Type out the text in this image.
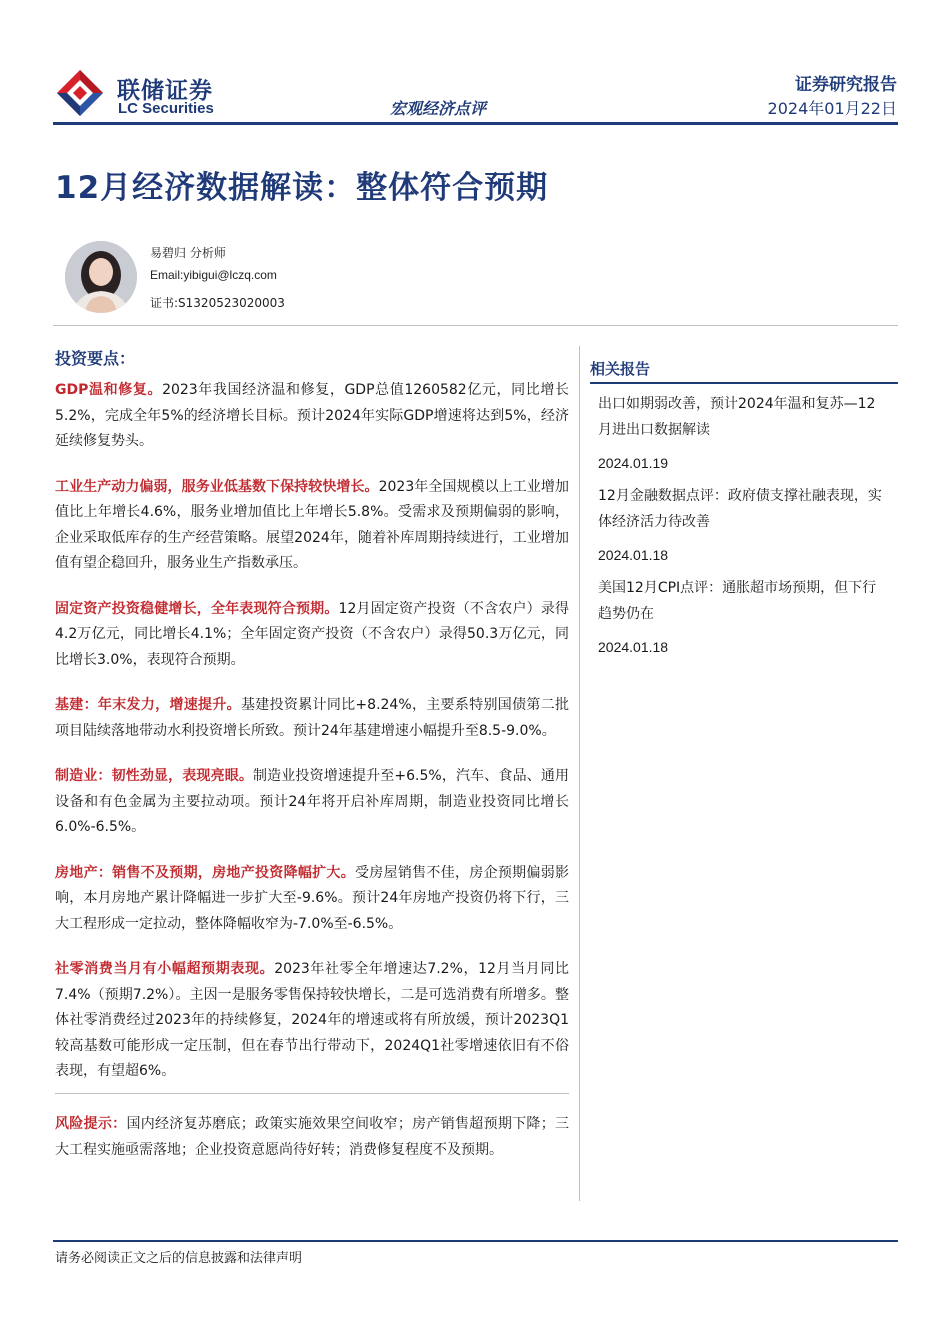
联储证券
LC Securities	宏观经济点评
证券研究报告
2024年01月22日
12月经济数据解读：整体符合预期
易碧归 分析师
Email:yibigui@lczq.com
证书:S1320523020003
投资要点：

GDP温和修复。2023年我国经济温和修复，GDP总值1260582亿元，同比增长5.2%，完成全年5%的经济增长目标。预计2024年实际GDP增速将达到5%，经济延续修复势头。

工业生产动力偏弱，服务业低基数下保持较快增长。2023年全国规模以上工业增加值比上年增长4.6%，服务业增加值比上年增长5.8%。受需求及预期偏弱的影响，企业采取低库存的生产经营策略。展望2024年，随着补库周期持续进行，工业增加值有望企稳回升，服务业生产指数承压。

固定资产投资稳健增长，全年表现符合预期。12月固定资产投资（不含农户）录得4.2万亿元，同比增长4.1%；全年固定资产投资（不含农户）录得50.3万亿元，同比增长3.0%，表现符合预期。

基建：年末发力，增速提升。基建投资累计同比+8.24%，主要系特别国债第二批项目陆续落地带动水利投资增长所致。预计24年基建增速小幅提升至8.5-9.0%。

制造业：韧性劲显，表现亮眼。制造业投资增速提升至+6.5%，汽车、食品、通用设备和有色金属为主要拉动项。预计24年将开启补库周期，制造业投资同比增长6.0%-6.5%。

房地产：销售不及预期，房地产投资降幅扩大。受房屋销售不佳，房企预期偏弱影响，本月房地产累计降幅进一步扩大至-9.6%。预计24年房地产投资仍将下行，三大工程形成一定拉动，整体降幅收窄为-7.0%至-6.5%。

社零消费当月有小幅超预期表现。2023年社零全年增速达7.2%，12月当月同比7.4%（预期7.2%）。主因一是服务零售保持较快增长，二是可选消费有所增多。整体社零消费经过2023年的持续修复，2024年的增速或将有所放缓，预计2023Q1较高基数可能形成一定压制，但在春节出行带动下，2024Q1社零增速依旧有不俗表现，有望超6%。

风险提示：国内经济复苏磨底；政策实施效果空间收窄；房产销售超预期下降；三大工程实施亟需落地；企业投资意愿尚待好转；消费修复程度不及预期。
相关报告

出口如期弱改善，预计2024年温和复苏—12月进出口数据解读

2024.01.19

12月金融数据点评：政府债支撑社融表现，实体经济活力待改善

2024.01.18

美国12月CPI点评：通胀超市场预期，但下行趋势仍在

2024.01.18

请务必阅读正文之后的信息披露和法律声明
